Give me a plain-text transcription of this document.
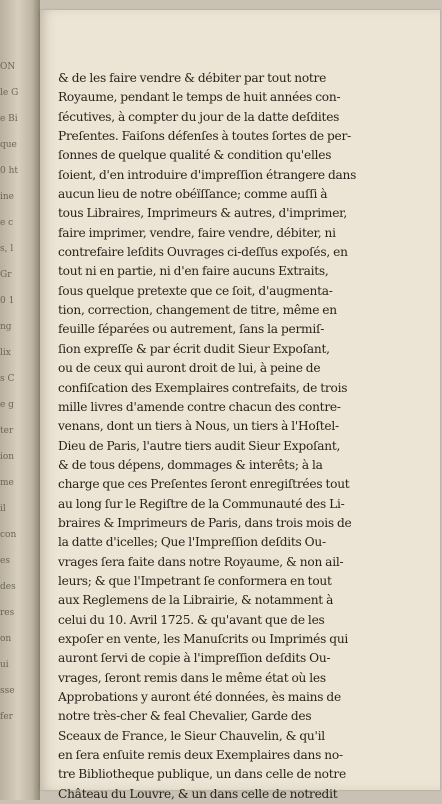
ON
le G
e Bi
que
0 ht
ine
e c
s, l
Gr
0 1
ng
lix
s C
e g
ter
ion
me
il
con
es
des
res
on
ui
sse
fer
& de les faire vendre & débiter par tout notre
Royaume, pendant le temps de huit années con-
ſécutives, à compter du jour de la datte deſdites
Preſentes. Faiſons défenſes à toutes ſortes de per-
ſonnes de quelque qualité & condition qu'elles
ſoient, d'en introduire d'impreſſion étrangere dans
aucun lieu de notre obéïſſance; comme auſſi à
tous Libraires, Imprimeurs & autres, d'imprimer,
faire imprimer, vendre, faire vendre, débiter, ni
contrefaire leſdits Ouvrages ci-deſſus expoſés, en
tout ni en partie, ni d'en faire aucuns Extraits,
ſous quelque pretexte que ce ſoit, d'augmenta-
tion, correction, changement de titre, même en
feuille ſéparées ou autrement, ſans la permiſ-
ſion expreſſe & par écrit dudit Sieur Expoſant,
ou de ceux qui auront droit de lui, à peine de
confiſcation des Exemplaires contrefaits, de trois
mille livres d'amende contre chacun des contre-
venans, dont un tiers à Nous, un tiers à l'Hoſtel-
Dieu de Paris, l'autre tiers audit Sieur Expoſant,
& de tous dépens, dommages & interêts; à la
charge que ces Preſentes ſeront enregiſtrées tout
au long ſur le Regiſtre de la Communauté des Li-
braires & Imprimeurs de Paris, dans trois mois de
la datte d'icelles; Que l'Impreſſion deſdits Ou-
vrages ſera faite dans notre Royaume, & non ail-
leurs; & que l'Impetrant ſe conformera en tout
aux Reglemens de la Librairie, & notamment à
celui du 10. Avril 1725. & qu'avant que de les
expoſer en vente, les Manuſcrits ou Imprimés qui
auront ſervi de copie à l'impreſſion deſdits Ou-
vrages, ſeront remis dans le même état où les
Approbations y auront été données, ès mains de
notre très-cher & feal Chevalier, Garde des
Sceaux de France, le Sieur Chauvelin, & qu'il
en ſera enſuite remis deux Exemplaires dans no-
tre Bibliotheque publique, un dans celle de notre
Château du Louvre, & un dans celle de notredit
